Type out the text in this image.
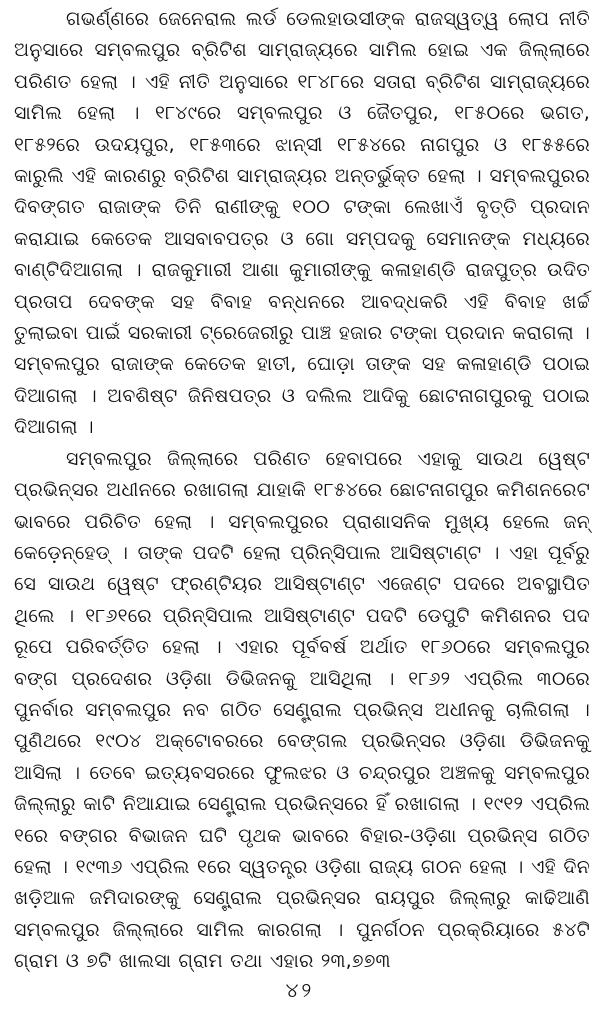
ଗଭର୍ଣ୍ଣରେ ଜେନେରାଲ ଲର୍ଡ ଡେଲହାଉସୀଙ୍କ ରାଜସ୍ୱତ୍ୱ ଲୋପ ନୀତି ଅନୁସାରେ ସମ୍ବଲପୁର ବ୍ରିଟିଶ ସାମ୍ରାଜ୍ୟରେ ସାମିଲ ହୋଇ ଏକ ଜିଲ୍ଲାରେ ପରିଣତ ହେଲା । ଏହି ନୀତି ଅନୁସାରେ ୧୮୪୮ରେ ସତାରା ବ୍ରିଟିଶ ସାମ୍ରାଜ୍ୟରେ ସାମିଲ ହେଲା । ୧୮୪୯ରେ ସମ୍ବଲପୁର ଓ ଜୈତପୁର, ୧୮୫୦ରେ ଭଗତ, ୧୮୫୨ରେ ଉଦୟପୁର, ୧୮୫୩ରେ ଝାନ୍ସୀ ୧୮୫୪ରେ ନାଗପୁର ଓ ୧୮୫୫ରେ କାରୁଲି ଏହି କାରଣରୁ ବ୍ରିଟିଶ ସାମ୍ରାଜ୍ୟର ଅନ୍ତର୍ଭୁକ୍ତ ହେଲା । ସମ୍ବଲପୁରର ଦିବଙ୍ଗତ ରାଜାଙ୍କ ତିନି ରାଣୀଙ୍କୁ ୧୦୦ ଟଙ୍କା ଲେଖାଏଁ ବୃତ୍ତି ପ୍ରଦାନ କରାଯାଇ କେତେକ ଆସବାବପତ୍ର ଓ ଗୋ ସମ୍ପଦକୁ ସେମାନଙ୍କ ମଧ୍ୟରେ ବାଣ୍ଟିଦିଆଗଲା । ରାଜକୁମାରୀ ଆଶା କୁମାରୀଙ୍କୁ କଳାହାଣ୍ଡି ରାଜପୁତ୍ର ଉଦିତ ପ୍ରତାପ ଦେବଙ୍କ ସହ ବିବାହ ବନ୍ଧନରେ ଆବଦ୍ଧକରି ଏହି ବିବାହ ଖର୍ଚ୍ଚ ତୁଲାଇବା ପାଇଁ ସରକାରୀ ଟ୍ରେଜେରୀରୁ ପାଞ୍ଚ ହଜାର ଟଙ୍କା ପ୍ରଦାନ କରାଗଲା । ସମ୍ବଲପୁର ରାଜାଙ୍କ କେତେକ ହାତୀ, ଘୋଡ଼ା ତାଙ୍କ ସହ କଳାହାଣ୍ଡି ପଠାଇ ଦିଆଗଲା । ଅବଶିଷ୍ଟ ଜିନିଷପତ୍ର ଓ ଦଲିଲ ଆଦିକୁ ଛୋଟନାଗପୁରକୁ ପଠାଇ ଦିଆଗଲା ।

ସମ୍ବଲପୁର ଜିଲ୍ଲାରେ ପରିଣତ ହେବାପରେ ଏହାକୁ ସାଉଥ ୱେଷ୍ଟ ପ୍ରଭିନ୍ସର ଅଧୀନରେ ରଖାଗଲା ଯାହାକି ୧୮୫୪ରେ ଛୋଟନାଗପୁର କମିଶନରେଟ ଭାବରେ ପରିଚିତ ହେଲା । ସମ୍ବଲପୁରର ପ୍ରାଶାସନିକ ମୁଖ୍ୟ ହେଲେ ଜନ୍ କେଡ଼େନ୍‌ହେଡ୍ । ତାଙ୍କ ପଦଟି ହେଲା ପ୍ରିନ୍ସିପାଲ ଆସିଷ୍ଟାଣ୍ଟ । ଏହା ପୂର୍ବରୁ ସେ ସାଉଥ ୱେଷ୍ଟ ଫ୍ରଣ୍ଟିୟର ଆସିଷ୍ଟାଣ୍ଟ ଏଜେଣ୍ଟ ପଦରେ ଅବସ୍ଥାପିତ ଥିଲେ । ୧୮୬୧ରେ ପ୍ରିନ୍ସିପାଲ ଆସିଷ୍ଟାଣ୍ଟ ପଦଟି ଡେପୁଟି କମିଶନର ପଦ ରୂପେ ପରିବର୍ତ୍ତିତ ହେଲା । ଏହାର ପୂର୍ବବର୍ଷ ଅର୍ଥାତ ୧୮୬୦ରେ ସମ୍ବଲପୁର ବଙ୍ଗ ପ୍ରଦେଶର ଓଡ଼ିଶା ଡିଭିଜନକୁ ଆସିଥିଲା । ୧୮୬୨ ଏପ୍ରିଲ ୩୦ରେ ପୁନର୍ବାର ସମ୍ବଲପୁର ନବ ଗଠିତ ସେଣ୍ଟ୍ରାଲ ପ୍ରଭିନ୍ସ ଅଧୀନକୁ ଚାଲିଗଲା । ପୁଣିଥରେ ୧୯୦୪ ଅକ୍ଟୋବରରେ ବେଙ୍ଗଲ ପ୍ରଭିନ୍ସର ଓଡ଼ିଶା ଡିଭିଜନକୁ ଆସିଲା । ତେବେ ଇତ୍ୟବସରରେ ଫୁଲଝର ଓ ଚନ୍ଦ୍ରପୁର ଅଞ୍ଚଳକୁ ସମ୍ବଲପୁର ଜିଲ୍ଲାରୁ କାଟି ନିଆଯାଇ ସେଣ୍ଟ୍ରାଲ ପ୍ରଭିନ୍ସରେ ହିଁ ରଖାଗଲା । ୧୯୧୨ ଏପ୍ରିଲ ୧ରେ ବଙ୍ଗର ବିଭାଜନ ଘଟି ପୃଥକ ଭାବରେ ବିହାର-ଓଡ଼ିଶା ପ୍ରଭିନ୍ସ ଗଠିତ ହେଲା । ୧୯୩୬ ଏପ୍ରିଲ ୧ରେ ସ୍ୱତନ୍ତ୍ର ଓଡ଼ିଶା ରାଜ୍ୟ ଗଠନ ହେଲା । ଏହି ଦିନ ଖଡ଼ିଆଳ ଜମିଦାରଙ୍କୁ ସେଣ୍ଟ୍ରାଲ ପ୍ରଭିନ୍ସର ରାୟପୁର ଜିଲ୍ଲାରୁ କାଢିଆଣି ସମ୍ବଲପୁର ଜିଲ୍ଲାରେ ସାମିଲ କାରଗଲା । ପୁନର୍ଗଠନ ପ୍ରକ୍ରିୟାରେ ୫୪ଟି ଗ୍ରାମ ଓ ୭ଟି ଖାଲସା ଗ୍ରାମ ତଥା ଏହାର ୨୩,୭୭୩

୪୨
